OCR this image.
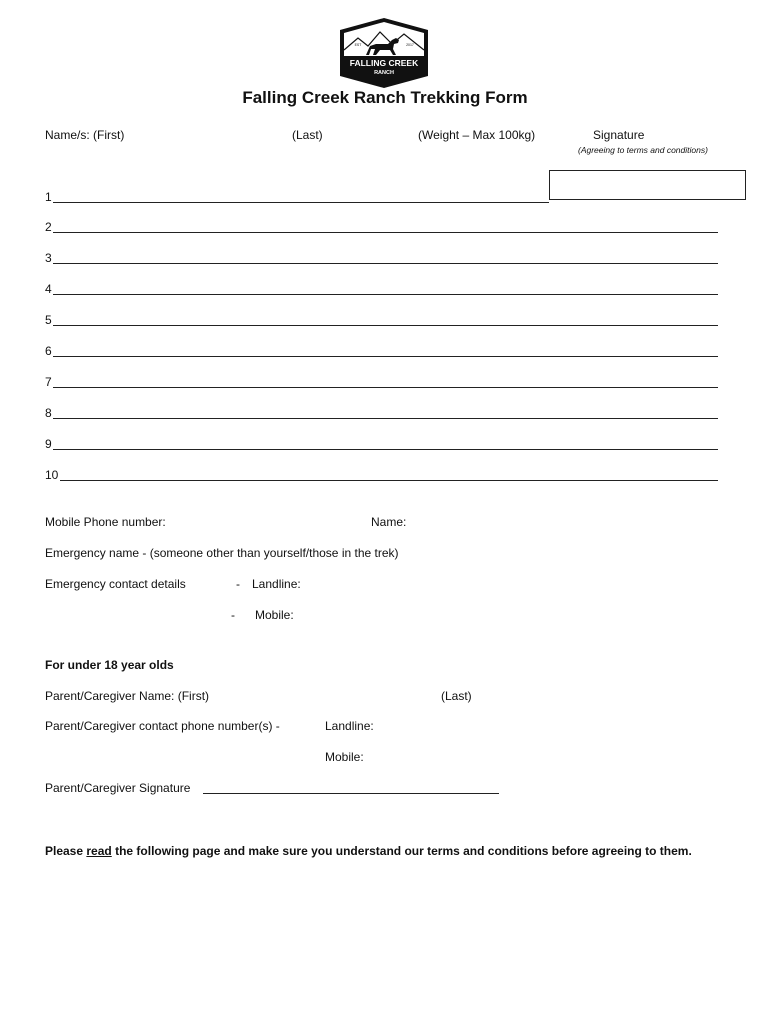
FALLING CREEK
RANCH
EST	2017
Falling Creek Ranch Trekking Form
Name/s: (First)	(Last)	(Weight – Max 100kg)	Signature
(Agreeing to terms and conditions)
1
2
3
4
5
6
7
8
9
10
Mobile Phone number:	Name:
Emergency name - (someone other than yourself/those in the trek)
Emergency contact details	- Landline:
- Mobile:
For under 18 year olds
Parent/Caregiver Name: (First)	(Last)
Parent/Caregiver contact phone number(s) -	Landline:
Mobile:
Parent/Caregiver Signature
Please read the following page and make sure you understand our terms and conditions before agreeing to them.
